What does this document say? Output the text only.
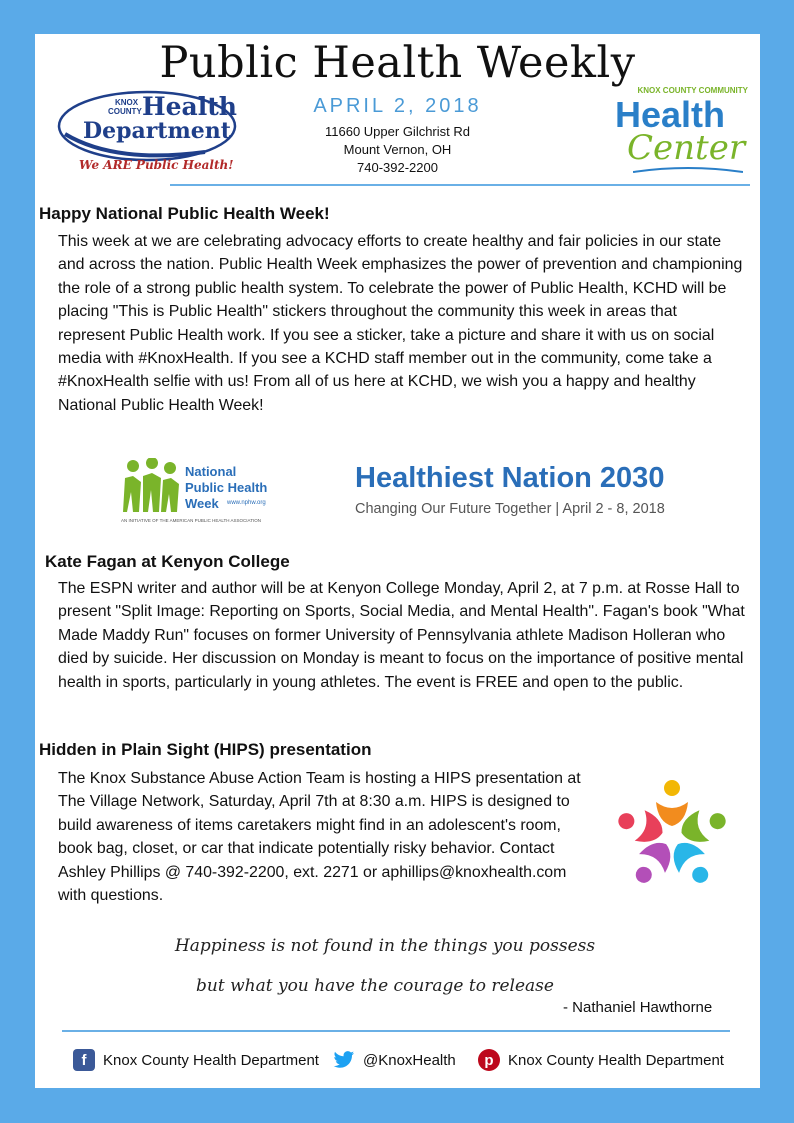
Public Health Weekly
KNOX
COUNTY Health
Department
We ARE Public Health!
APRIL 2, 2018
11660 Upper Gilchrist Rd
Mount Vernon, OH
740-392-2200
KNOX COUNTY COMMUNITY
Health
Center
Happy National Public Health Week!
This week at we are celebrating advocacy efforts to create healthy and fair policies in our state and across the nation. Public Health Week emphasizes the power of prevention and championing the role of a strong public health system. To celebrate the power of Public Health, KCHD will be placing "This is Public Health" stickers throughout the community this week in areas that represent Public Health work. If you see a sticker, take a picture and share it with us on social media with #KnoxHealth. If you see a KCHD staff member out in the community, come take a #KnoxHealth selfie with us! From all of us here at KCHD, we wish you a happy and healthy National Public Health Week!
National
Public Health
Week www.nphw.org
AN INITIATIVE OF THE AMERICAN PUBLIC HEALTH ASSOCIATION
Healthiest Nation 2030
Changing Our Future Together | April 2 - 8, 2018
Kate Fagan at Kenyon College
The ESPN writer and author will be at Kenyon College Monday, April 2, at 7 p.m. at Rosse Hall to present "Split Image: Reporting on Sports, Social Media, and Mental Health". Fagan's book "What Made Maddy Run" focuses on former University of Pennsylvania athlete Madison Holleran who died by suicide. Her discussion on Monday is meant to focus on the importance of positive mental health in sports, particularly in young athletes. The event is FREE and open to the public.
Hidden in Plain Sight (HIPS) presentation
The Knox Substance Abuse Action Team is hosting a HIPS presentation at The Village Network, Saturday, April 7th at 8:30 a.m. HIPS is designed to build awareness of items caretakers might find in an adolescent's room, book bag, closet, or car that indicate potentially risky behavior. Contact Ashley Phillips @ 740-392-2200, ext. 2271 or aphillips@knoxhealth.com with questions.
Happiness is not found in the things you possess
but what you have the courage to release
- Nathaniel Hawthorne
f	Knox County Health Department	@KnoxHealth	p Knox County Health Department
